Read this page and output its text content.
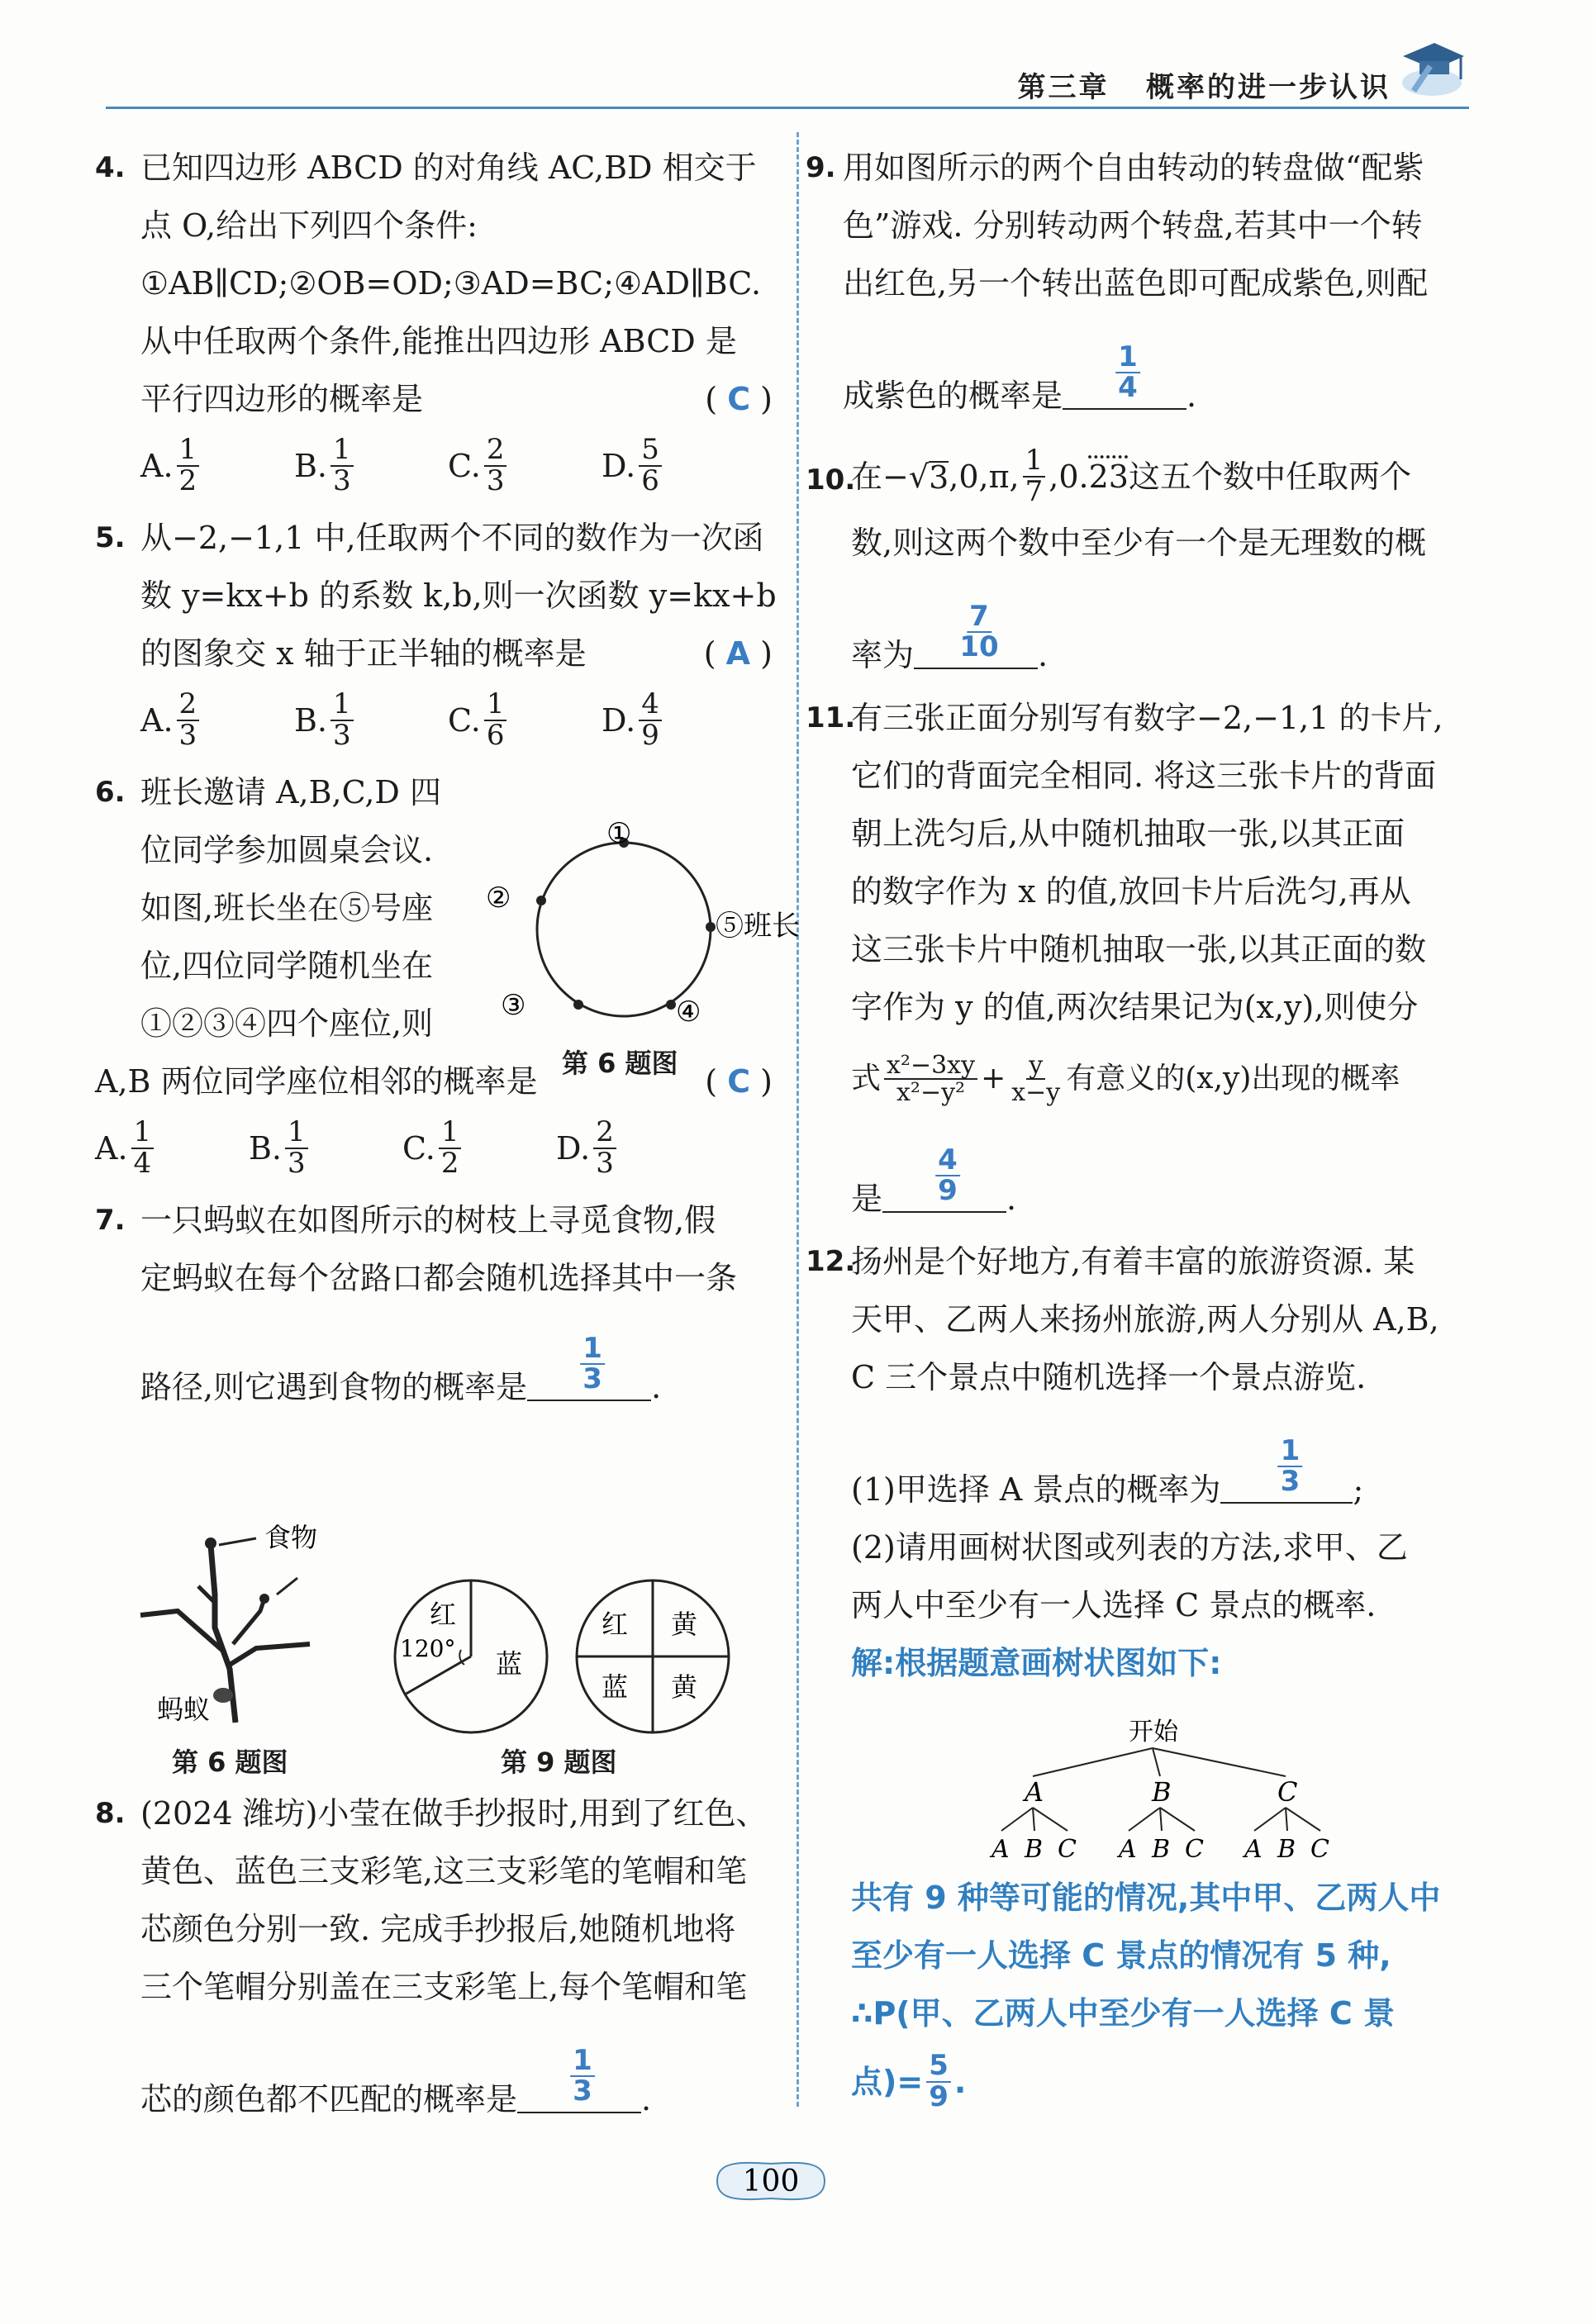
第三章 概率的进一步认识
4. 已知四边形 ABCD 的对角线 AC,BD 相交于
点 O,给出下列四个条件:
①AB∥CD;②OB=OD;③AD=BC;④AD∥BC.
从中任取两个条件,能推出四边形 ABCD 是
平行四边形的概率是	( C )
A. $\frac{1}{2}$	B. $\frac{1}{3}$	C. $\frac{2}{3}$	D. $\frac{5}{6}$
5. 从−2,−1,1 中,任取两个不同的数作为一次函
数 y=kx+b 的系数 k,b,则一次函数 y=kx+b
的图象交 x 轴于正半轴的概率是	( A )
A. $\frac{2}{3}$	B. $\frac{1}{3}$	C. $\frac{1}{6}$	D. $\frac{4}{9}$
6. 班长邀请 A,B,C,D 四
位同学参加圆桌会议.
如图,班长坐在⑤号座
位,四位同学随机坐在
①②③④四个座位,则
A,B 两位同学座位相邻的概率是	( C )
A. $\frac{1}{4}$	B. $\frac{1}{3}$	C. $\frac{1}{2}$	D. $\frac{2}{3}$
7. 一只蚂蚁在如图所示的树枝上寻觅食物,假
定蚂蚁在每个岔路口都会随机选择其中一条
路径,则它遇到食物的概率是 $\frac{1}{3}$ .
①
②
③	④
⑤班长
第 6 题图
食物
蚂蚁
第 6 题图
红
120° 蓝
红 黄
蓝 黄
第 9 题图
8. (2024 潍坊)小莹在做手抄报时,用到了红色、
黄色、蓝色三支彩笔,这三支彩笔的笔帽和笔
芯颜色分别一致. 完成手抄报后,她随机地将
三个笔帽分别盖在三支彩笔上,每个笔帽和笔
芯的颜色都不匹配的概率是 $\frac{1}{3}$ .
9. 用如图所示的两个自由转动的转盘做“配紫
色”游戏. 分别转动两个转盘,若其中一个转
出红色,另一个转出蓝色即可配成紫色,则配
成紫色的概率是 $\frac{1}{4}$ .
10.
在− √ 3 ,0,π, $\frac{1}{7} ,0$. 23 这五个数中任取两个
数,则这两个数中至少有一个是无理数的概
率为 $\frac{7}{10}$ .
11.
有三张正面分别写有数字−2,−1,1 的卡片,
它们的背面完全相同. 将这三张卡片的背面
朝上洗匀后,从中随机抽取一张,以其正面
的数字作为 x 的值,放回卡片后洗匀,再从
这三张卡片中随机抽取一张,以其正面的数
字作为 y 的值,两次结果记为(x,y),则使分
式 $\frac{\text{x²−3xy}}{\text{x²−y²}} + \frac{y}{x-y}$ 有意义的(x,y)出现的概率
是 $\frac{4}{9}$ .
12.
扬州是个好地方,有着丰富的旅游资源. 某
天甲、乙两人来扬州旅游,两人分别从 A,B,
C 三个景点中随机选择一个景点游览.
(1)甲选择 A 景点的概率为 $\frac{1}{3}$ ;
(2)请用画树状图或列表的方法,求甲、乙
两人中至少有一人选择 C 景点的概率.
解:根据题意画树状图如下:
开始
A	B	C
A B C A B C A B C
共有 9 种等可能的情况,其中甲、乙两人中
至少有一人选择 C 景点的情况有 5 种,
∴P(甲、乙两人中至少有一人选择 C 景
点)= $\frac{5}{9}$ .
100
